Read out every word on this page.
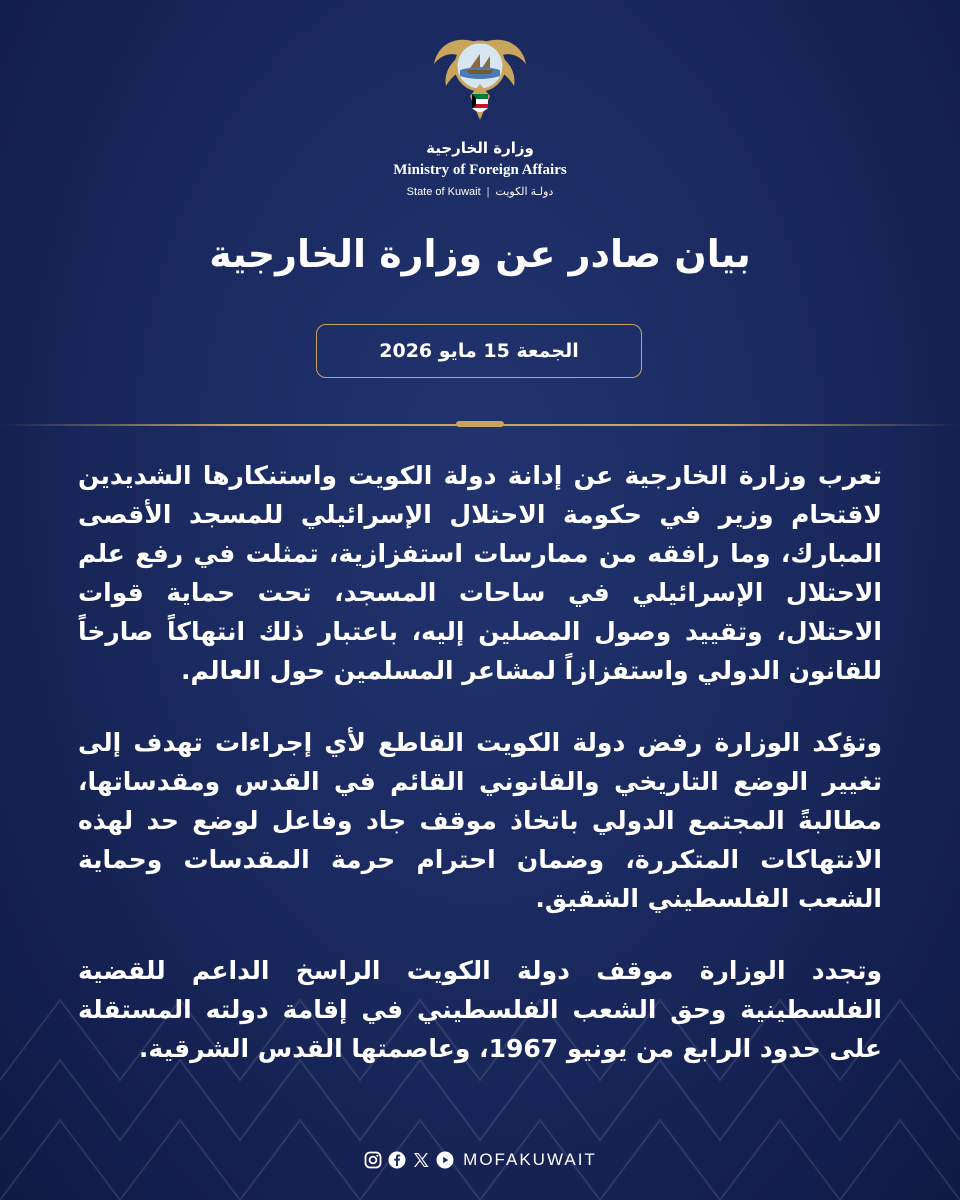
وزارة الخارجية
Ministry of Foreign Affairs
State of Kuwait | دولـة الكويت
بيان صادر عن وزارة الخارجية
الجمعة 15 مايو 2026

تعرب وزارة الخارجية عن إدانة دولة الكويت واستنكارها الشديدين لاقتحام وزير في حكومة الاحتلال الإسرائيلي للمسجد الأقصى المبارك، وما رافقه من ممارسات استفزازية، تمثلت في رفع علم الاحتلال الإسرائيلي في ساحات المسجد، تحت حماية قوات الاحتلال، وتقييد وصول المصلين إليه، باعتبار ذلك انتهاكاً صارخاً للقانون الدولي واستفزازاً لمشاعر المسلمين حول العالم.

وتؤكد الوزارة رفض دولة الكويت القاطع لأي إجراءات تهدف إلى تغيير الوضع التاريخي والقانوني القائم في القدس ومقدساتها، مطالبةً المجتمع الدولي باتخاذ موقف جاد وفاعل لوضع حد لهذه الانتهاكات المتكررة، وضمان احترام حرمة المقدسات وحماية الشعب الفلسطيني الشقيق.

وتجدد الوزارة موقف دولة الكويت الراسخ الداعم للقضية الفلسطينية وحق الشعب الفلسطيني في إقامة دولته المستقلة على حدود الرابع من يونيو 1967، وعاصمتها القدس الشرقية.

MOFAKUWAIT
